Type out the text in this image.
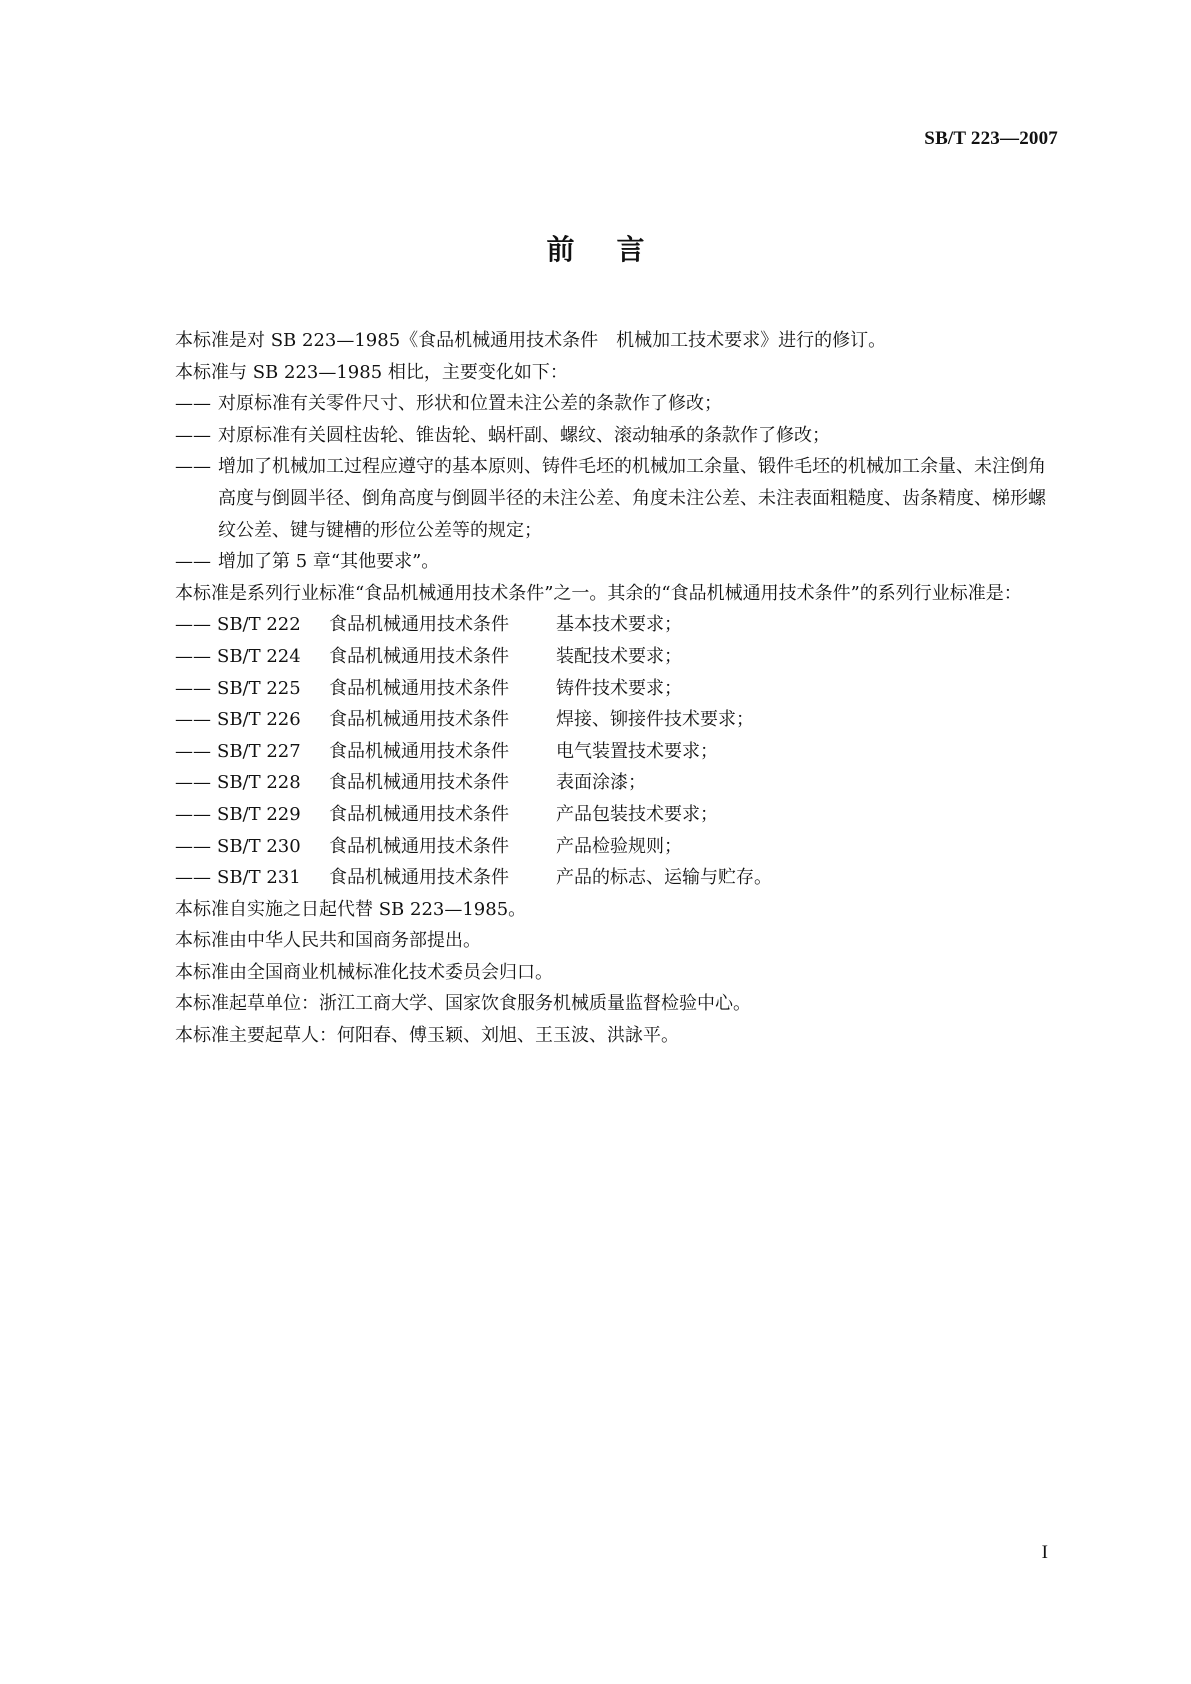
SB/T 223—2007
前言

本标准是对 SB 223—1985《食品机械通用技术条件　机械加工技术要求》进行的修订。

本标准与 SB 223—1985 相比，主要变化如下：

—— 对原标准有关零件尺寸、形状和位置未注公差的条款作了修改；
—— 对原标准有关圆柱齿轮、锥齿轮、蜗杆副、螺纹、滚动轴承的条款作了修改；
—— 增加了机械加工过程应遵守的基本原则、铸件毛坯的机械加工余量、锻件毛坯的机械加工余量、未注倒角高度与倒圆半径、倒角高度与倒圆半径的未注公差、角度未注公差、未注表面粗糙度、齿条精度、梯形螺纹公差、键与键槽的形位公差等的规定；
—— 增加了第 5 章“其他要求”。

本标准是系列行业标准“食品机械通用技术条件”之一。其余的“食品机械通用技术条件”的系列行业标准是：

—— SB/T 222	食品机械通用技术条件	基本技术要求；
—— SB/T 224	食品机械通用技术条件	装配技术要求；
—— SB/T 225	食品机械通用技术条件	铸件技术要求；
—— SB/T 226	食品机械通用技术条件	焊接、铆接件技术要求；
—— SB/T 227	食品机械通用技术条件	电气装置技术要求；
—— SB/T 228	食品机械通用技术条件	表面涂漆；
—— SB/T 229	食品机械通用技术条件	产品包装技术要求；
—— SB/T 230	食品机械通用技术条件	产品检验规则；
—— SB/T 231	食品机械通用技术条件	产品的标志、运输与贮存。

本标准自实施之日起代替 SB 223—1985。

本标准由中华人民共和国商务部提出。

本标准由全国商业机械标准化技术委员会归口。

本标准起草单位：浙江工商大学、国家饮食服务机械质量监督检验中心。

本标准主要起草人：何阳春、傅玉颖、刘旭、王玉波、洪詠平。

I
